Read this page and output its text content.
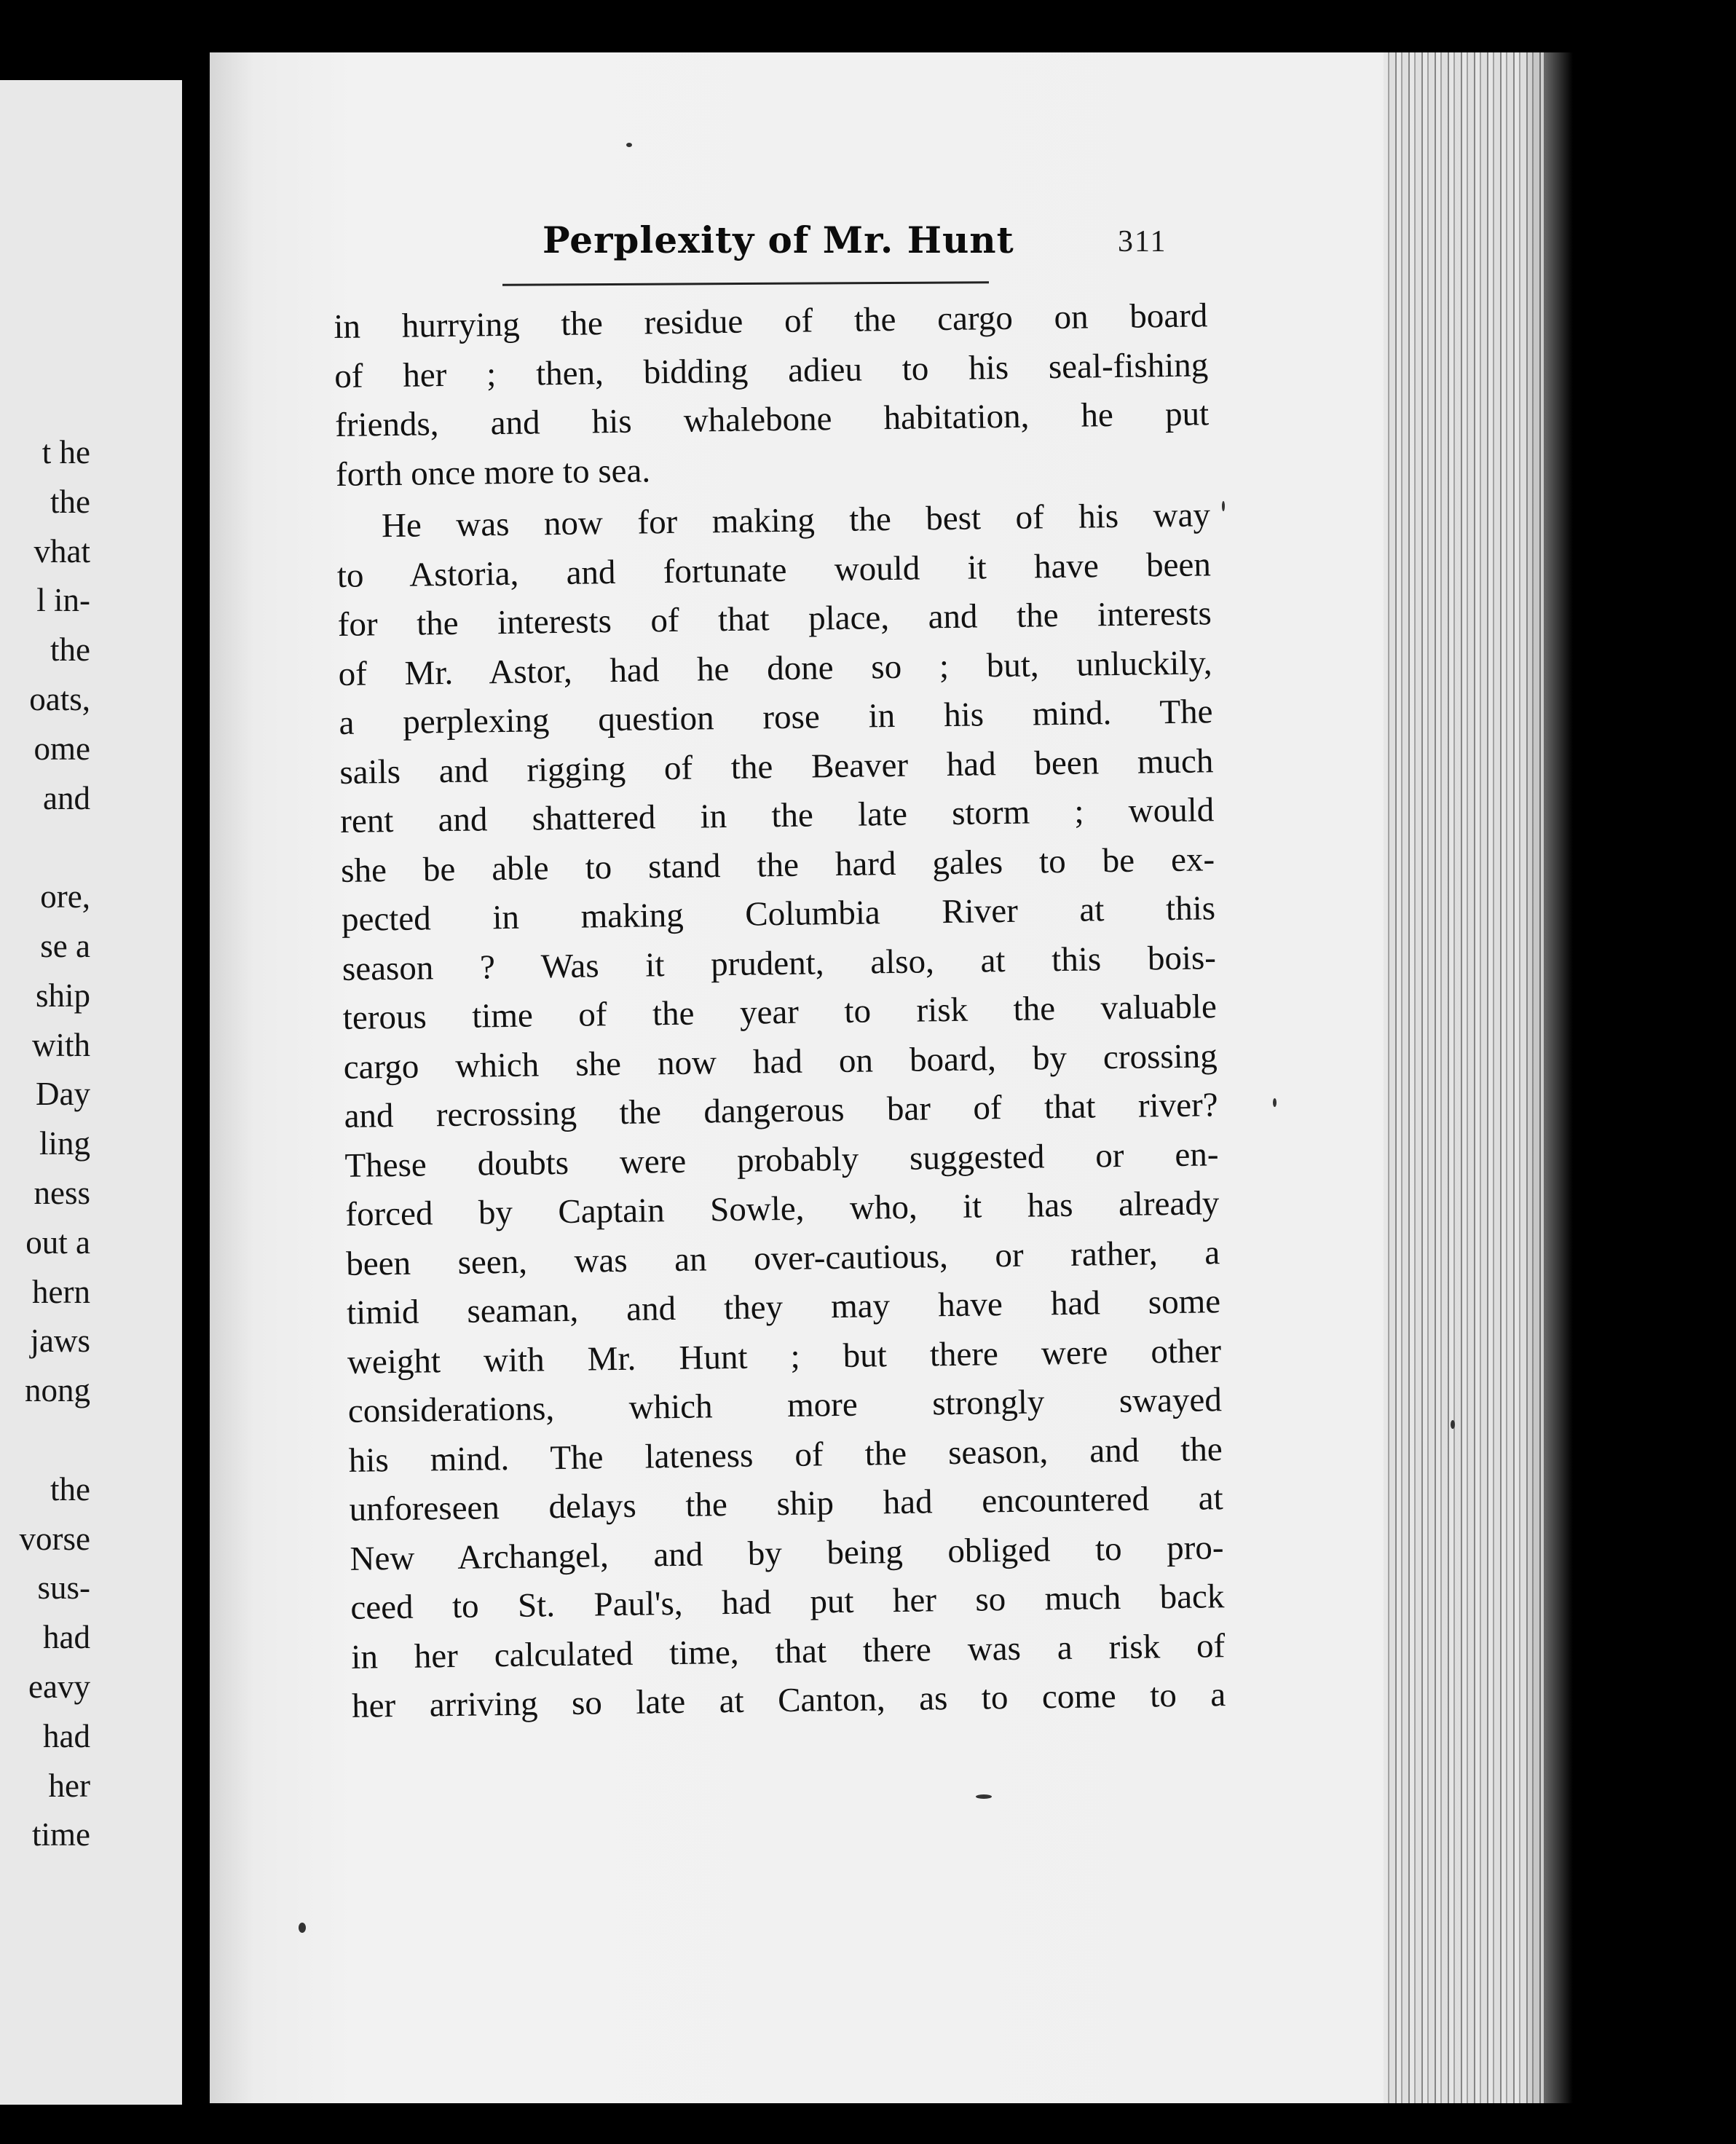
t he
the
vhat
l in-
the
oats,
ome
and
ore,
se a
ship
with
Day
ling
ness
out a
hern
jaws
nong
the
vorse
sus-
had
eavy
had
her
time
Perplexity of Mr. Hunt	311
in hurrying the residue of the cargo on board
of her ; then, bidding adieu to his seal-fishing
friends, and his whalebone habitation, he put
forth once more to sea.
He was now for making the best of his way
to Astoria, and fortunate would it have been
for the interests of that place, and the interests
of Mr. Astor, had he done so ; but, unluckily,
a perplexing question rose in his mind. The
sails and rigging of the Beaver had been much
rent and shattered in the late storm ; would
she be able to stand the hard gales to be ex-
pected in making Columbia River at this
season ? Was it prudent, also, at this bois-
terous time of the year to risk the valuable
cargo which she now had on board, by crossing
and recrossing the dangerous bar of that river?
These doubts were probably suggested or en-
forced by Captain Sowle, who, it has already
been seen, was an over-cautious, or rather, a
timid seaman, and they may have had some
weight with Mr. Hunt ; but there were other
considerations, which more strongly swayed
his mind. The lateness of the season, and the
unforeseen delays the ship had encountered at
New Archangel, and by being obliged to pro-
ceed to St. Paul's, had put her so much back
in her calculated time, that there was a risk of
her arriving so late at Canton, as to come to a
